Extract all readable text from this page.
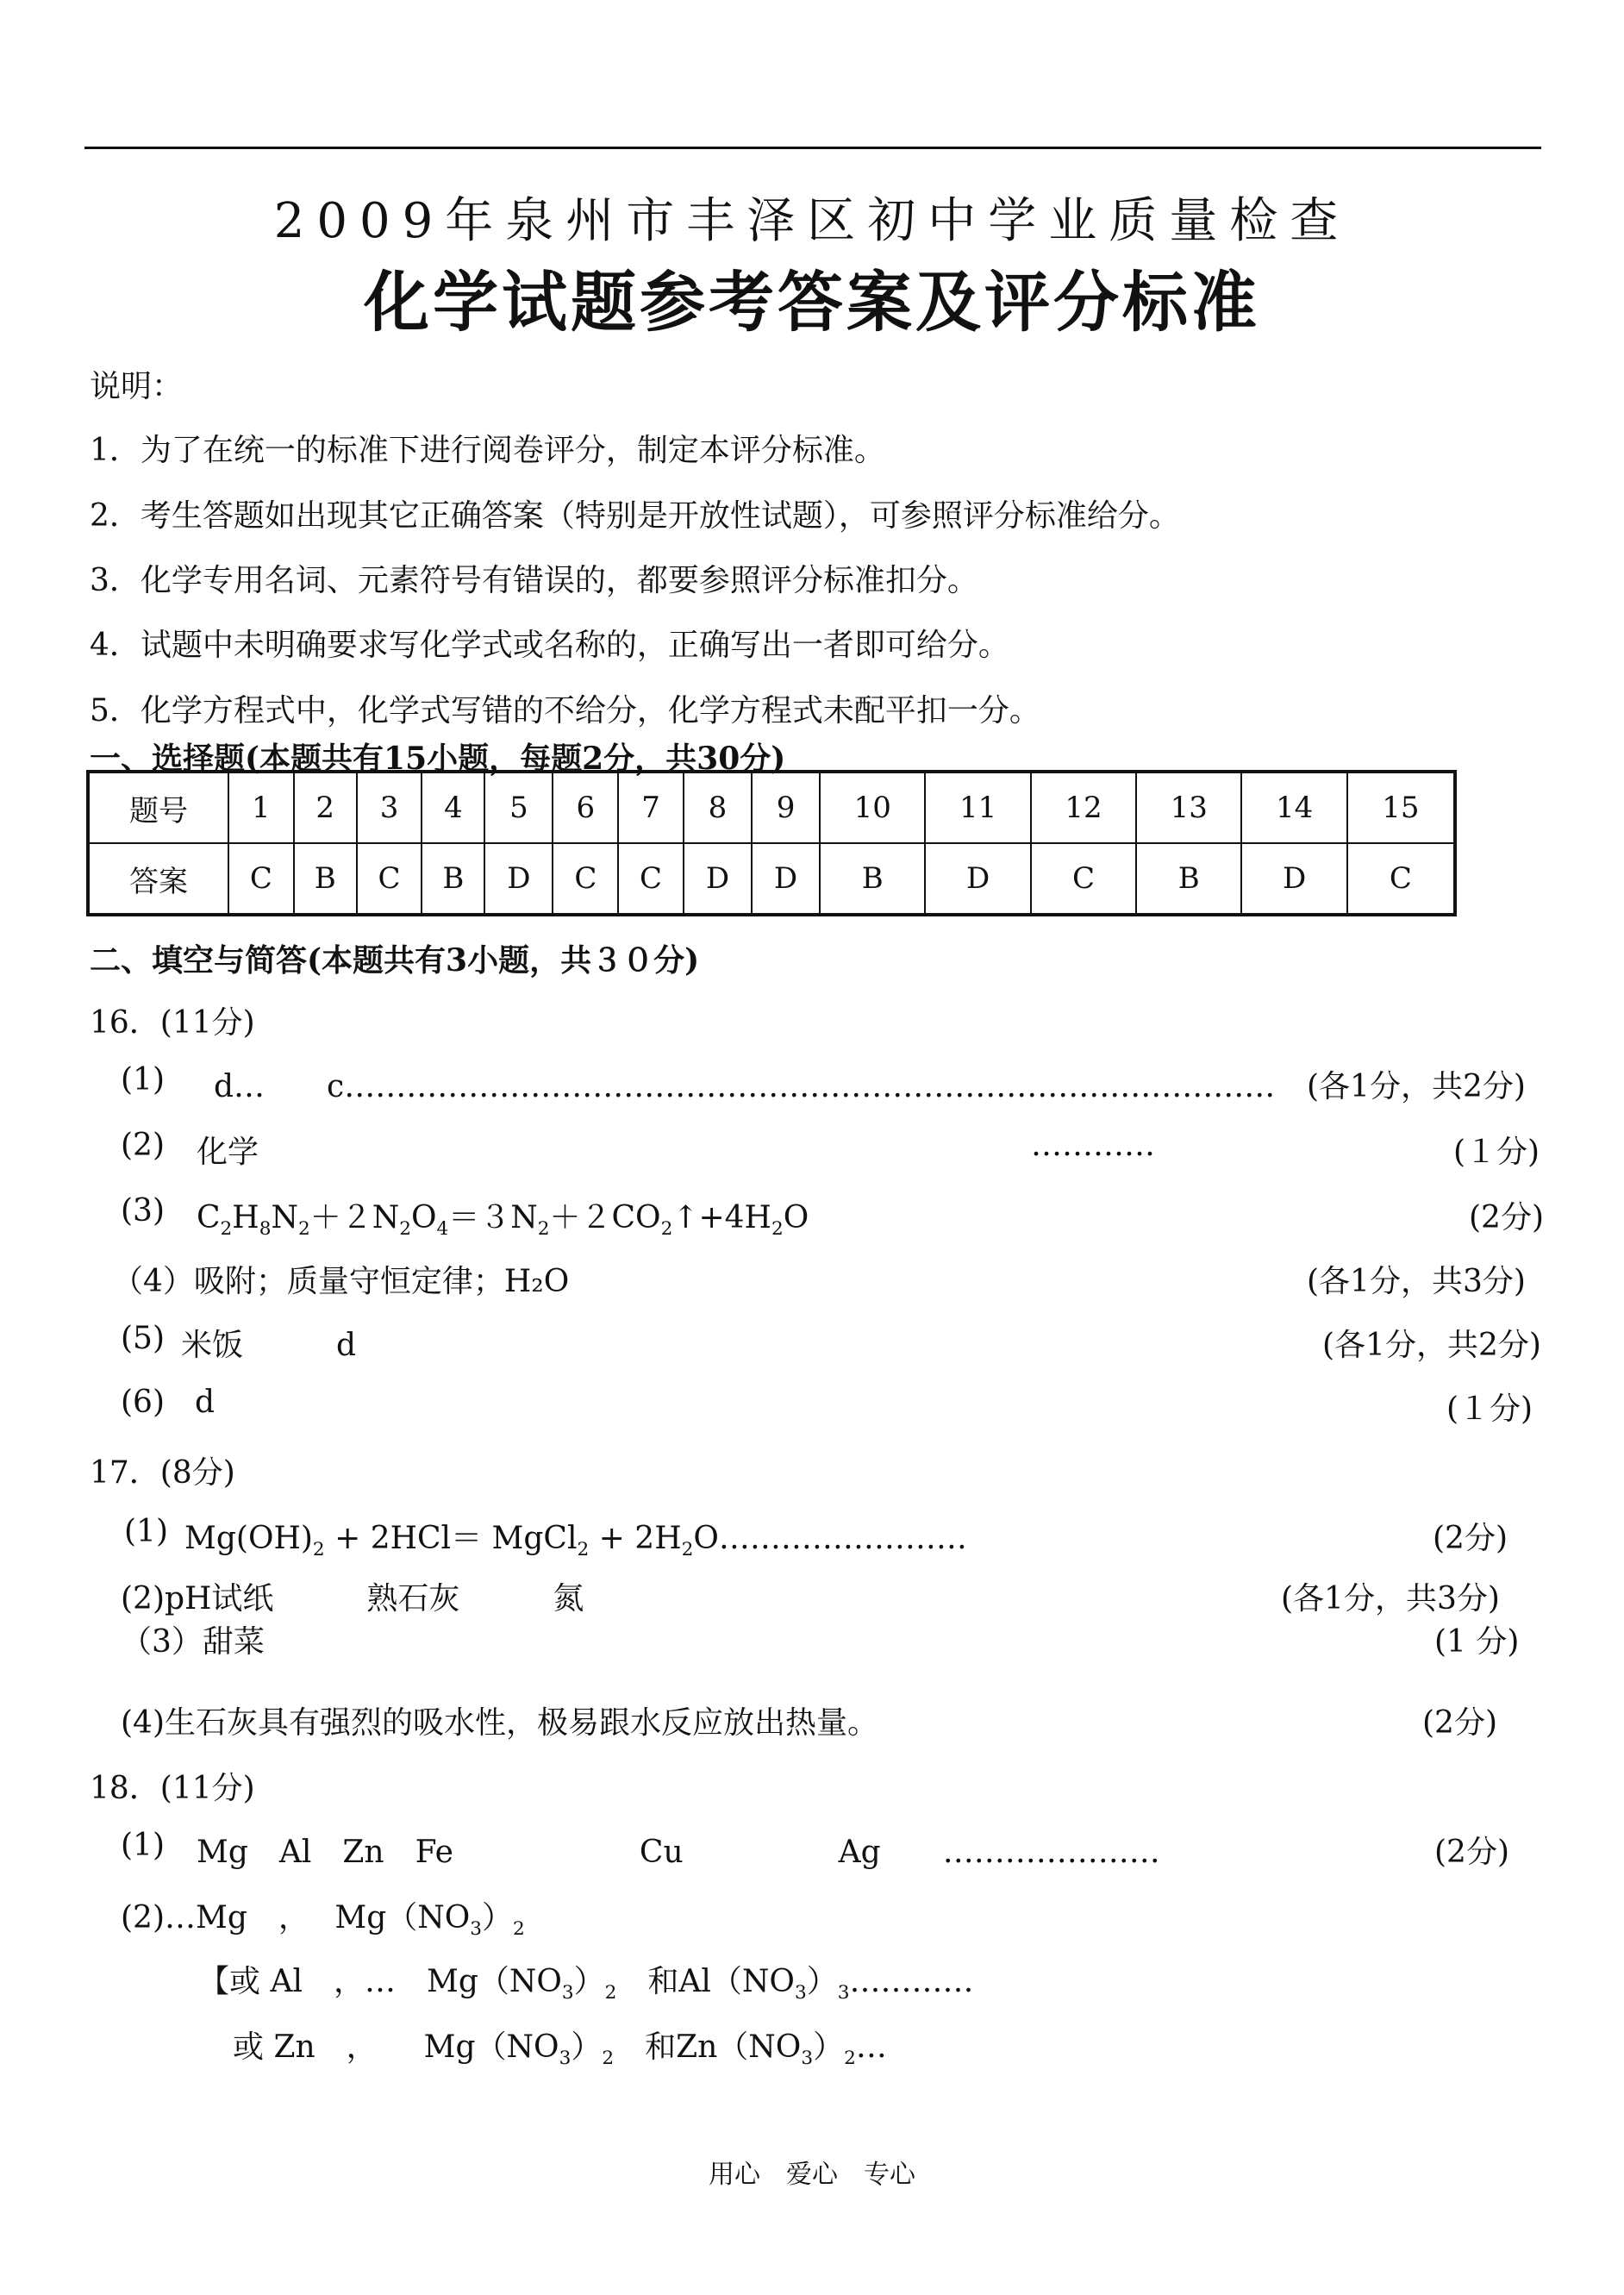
2009年泉州市丰泽区初中学业质量检查
化学试题参考答案及评分标准
说明：
1．为了在统一的标准下进行阅卷评分，制定本评分标准。
2．考生答题如出现其它正确答案（特别是开放性试题），可参照评分标准给分。
3．化学专用名词、元素符号有错误的，都要参照评分标准扣分。
4．试题中未明确要求写化学式或名称的，正确写出一者即可给分。
5．化学方程式中，化学式写错的不给分，化学方程式未配平扣一分。
一、选择题(本题共有15小题，每题2分，共30分)
题号	1	2	3	4	5	6	7	8	9	10	11	12	13	14	15
答案	C	B	C	B	D	C	C	D	D	B	D	C	B	D	C
二、填空与简答(本题共有3小题，共３０分)
16．(11分)
(1) d…　　c……………………………………………………………………………… (各1分，共2分)
(2) 化学	…………	(１分)
(3) $C_2H_8N_2+2N_2O_4=3N_2+2CO_2↑+4H_2O$	(2分)
（4）吸附；质量守恒定律；H₂O	(各1分，共3分)
(5) 米饭　　　d	(各1分，共2分)
(6) d	(１分)
17．(8分)
(1) $Mg(OH)_2 + 2HCl=$ MgCl$_2$ + $2H_2O\dots\dots\dots\dots\dots\dots\dots\dots$	(2分)
(2)pH试纸　　　熟石灰　　　氮	(各1分，共3分)
（3）甜菜	(1 分)
(4)生石灰具有强烈的吸水性，极易跟水反应放出热量。	(2分)
18．(11分)
(1) Mg　Al　Zn　Fe　　　　　　Cu　　　　　Ag　　…………………	(2分)
(2)…Mg　，　 $Mg(NO_3)_2$
【或 Al　，…　$Mg(NO_3)_2$　和$Al(NO_3)_3\dots\dots\dots\dots$
或 Zn　，　　$Mg(NO_3)_2$　和$Zn(NO_3)_2\dots$
用心　爱心　专心
